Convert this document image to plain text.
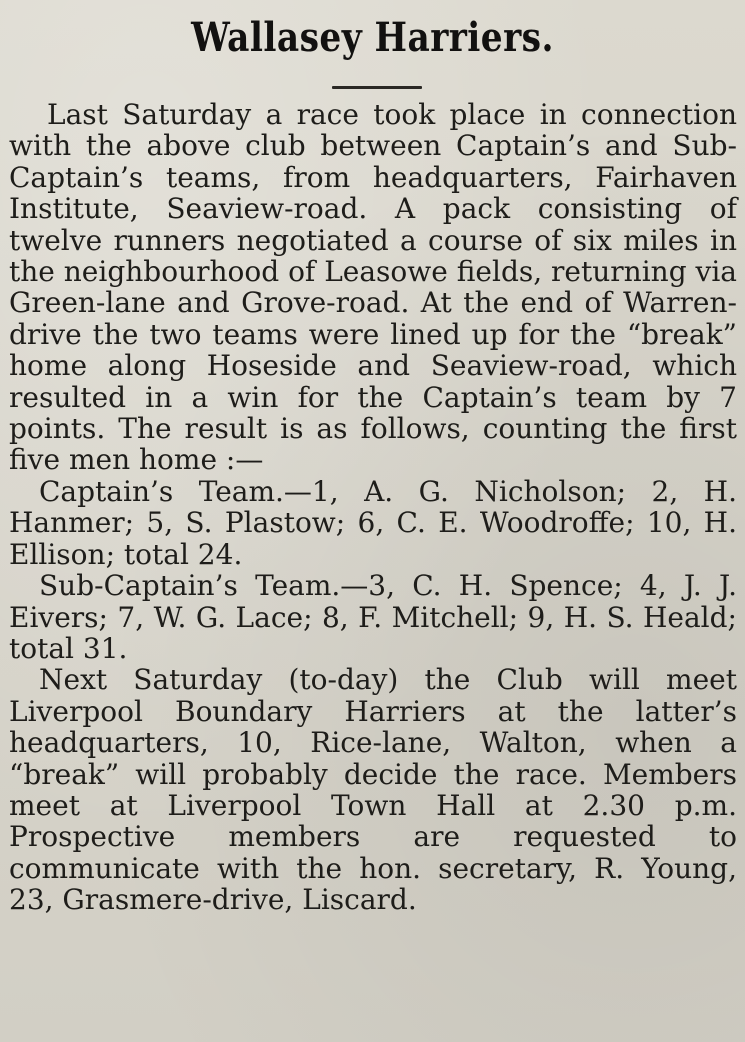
Wallasey Harriers.

Last Saturday a race took place in connection with the above club between Captain’s and Sub-Captain’s teams, from headquarters, Fairhaven Institute, Seaview-road. A pack consisting of twelve runners negotiated a course of six miles in the neighbourhood of Leasowe fields, returning via Green-lane and Grove-road. At the end of Warren-drive the two teams were lined up for the “break” home along Hoseside and Seaview-road, which resulted in a win for the Captain’s team by 7 points. The result is as follows, counting the first five men home :—

Captain’s Team.—1, A. G. Nicholson; 2, H. Hanmer; 5, S. Plastow; 6, C. E. Woodroffe; 10, H. Ellison; total 24.

Sub-Captain’s Team.—3, C. H. Spence; 4, J. J. Eivers; 7, W. G. Lace; 8, F. Mitchell; 9, H. S. Heald; total 31.

Next Saturday (to-day) the Club will meet Liverpool Boundary Harriers at the latter’s headquarters, 10, Rice-lane, Walton, when a “break” will probably decide the race. Members meet at Liverpool Town Hall at 2.30 p.m. Prospective members are requested to communicate with the hon. secretary, R. Young, 23, Grasmere-drive, Liscard.
